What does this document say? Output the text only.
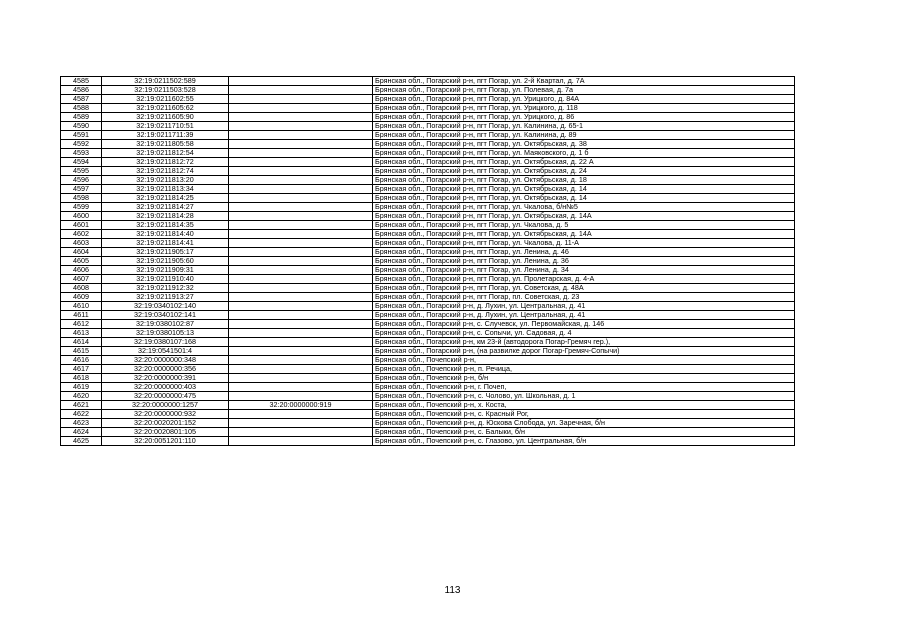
4585	32:19:0211502:589		Брянская обл., Погарский р-н, пгт Погар, ул. 2-й Квартал, д. 7А
4586	32:19:0211503:528		Брянская обл., Погарский р-н, пгт Погар, ул. Полевая, д. 7а
4587	32:19:0211602:55		Брянская обл., Погарский р-н, пгт Погар, ул. Урицкого, д. 84А
4588	32:19:0211605:62		Брянская обл., Погарский р-н, пгт Погар, ул. Урицкого, д. 118
4589	32:19:0211605:90		Брянская обл., Погарский р-н, пгт Погар, ул. Урицкого, д. 86
4590	32:19:0211710:51		Брянская обл., Погарский р-н, пгт Погар, ул. Калинина, д. 65-1
4591	32:19:0211711:39		Брянская обл., Погарский р-н, пгт Погар, ул. Калинина, д. 89
4592	32:19:0211805:58		Брянская обл., Погарский р-н, пгт Погар, ул. Октябрьская, д. 38
4593	32:19:0211812:54		Брянская обл., Погарский р-н, пгт Погар, ул. Маяковского, д. 1 б
4594	32:19:0211812:72		Брянская обл., Погарский р-н, пгт Погар, ул. Октябрьская, д. 22 А
4595	32:19:0211812:74		Брянская обл., Погарский р-н, пгт Погар, ул. Октябрьская, д. 24
4596	32:19:0211813:20		Брянская обл., Погарский р-н, пгт Погар, ул. Октябрьская, д. 18
4597	32:19:0211813:34		Брянская обл., Погарский р-н, пгт Погар, ул. Октябрьская, д. 14
4598	32:19:0211814:25		Брянская обл., Погарский р-н, пгт Погар, ул. Октябрьская, д. 14
4599	32:19:0211814:27		Брянская обл., Погарский р-н, пгт Погар, ул. Чкалова, б/н№5
4600	32:19:0211814:28		Брянская обл., Погарский р-н, пгт Погар, ул. Октябрьская, д. 14А
4601	32:19:0211814:35		Брянская обл., Погарский р-н, пгт Погар, ул. Чкалова, д. 5
4602	32:19:0211814:40		Брянская обл., Погарский р-н, пгт Погар, ул. Октябрьская, д. 14А
4603	32:19:0211814:41		Брянская обл., Погарский р-н, пгт Погар, ул. Чкалова, д. 11-А
4604	32:19:0211905:17		Брянская обл., Погарский р-н, пгт Погар, ул. Ленина, д. 46
4605	32:19:0211905:60		Брянская обл., Погарский р-н, пгт Погар, ул. Ленина, д. 36
4606	32:19:0211909:31		Брянская обл., Погарский р-н, пгт Погар, ул. Ленина, д. 34
4607	32:19:0211910:40		Брянская обл., Погарский р-н, пгт Погар, ул. Пролетарская, д. 4-А
4608	32:19:0211912:32		Брянская обл., Погарский р-н, пгт Погар, ул. Советская, д. 48А
4609	32:19:0211913:27		Брянская обл., Погарский р-н, пгт Погар, пл. Советская, д. 23
4610	32:19:0340102:140		Брянская обл., Погарский р-н, д. Лухин, ул. Центральная, д. 41
4611	32:19:0340102:141		Брянская обл., Погарский р-н, д. Лухин, ул. Центральная, д. 41
4612	32:19:0380102:87		Брянская обл., Погарский р-н, с. Случевск, ул. Первомайская, д. 146
4613	32:19:0380105:13		Брянская обл., Погарский р-н, с. Сопычи, ул. Садовая, д. 4
4614	32:19:0380107:168		Брянская обл., Погарский р-н, км 23-й (автодорога Погар-Гремяч гер.),
4615	32:19:0541501:4		Брянская обл., Погарский р-н, (на развилке дорог Погар-Гремяч-Сопычи)
4616	32:20:0000000:348		Брянская обл., Почепский р-н,
4617	32:20:0000000:356		Брянская обл., Почепский р-н, п. Речица,
4618	32:20:0000000:391		Брянская обл., Почепский р-н, б/н
4619	32:20:0000000:403		Брянская обл., Почепский р-н, г. Почеп,
4620	32:20:0000000:475		Брянская обл., Почепский р-н, с. Чолово, ул. Школьная, д. 1
4621	32:20:0000000:1257	32:20:0000000:919	Брянская обл., Почепский р-н, х. Коста,
4622	32:20:0000000:932		Брянская обл., Почепский р-н, с. Красный Рог,
4623	32:20:0020201:152		Брянская обл., Почепский р-н, д. Юскова Слобода, ул. Заречная, б/н
4624	32:20:0020801:105		Брянская обл., Почепский р-н, с. Балыки, б/н
4625	32:20:0051201:110		Брянская обл., Почепский р-н, с. Глазово, ул. Центральная, б/н
113
